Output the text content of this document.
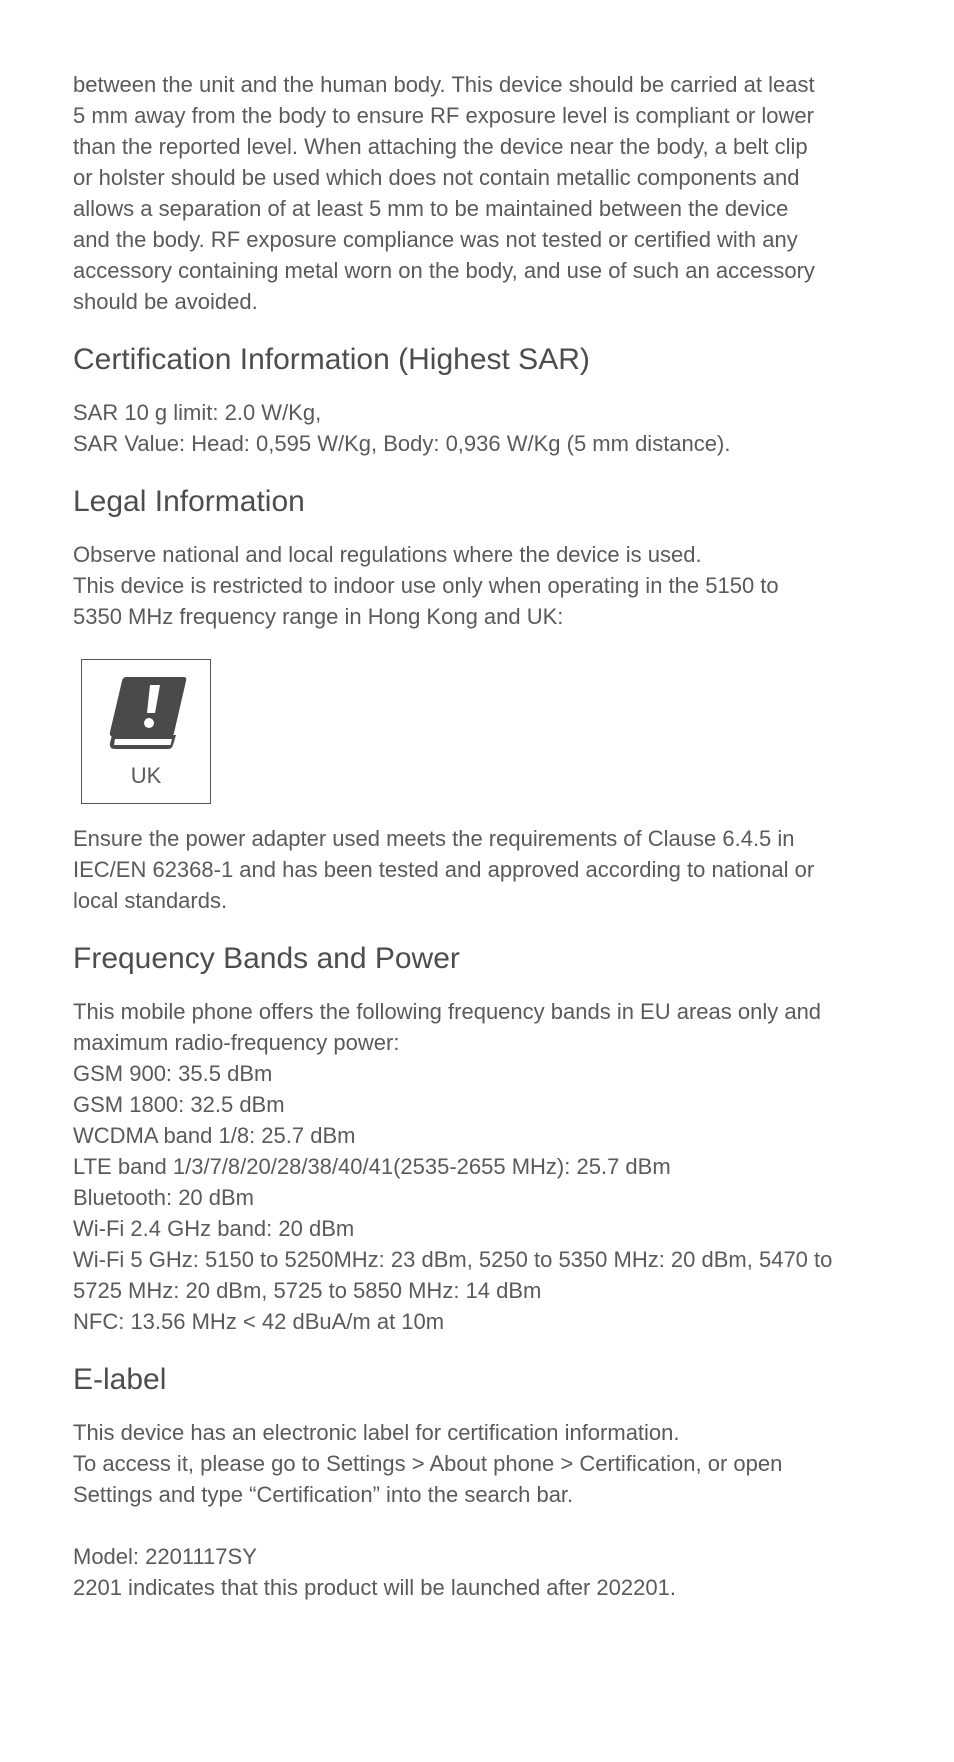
between the unit and the human body. This device should be carried at least
5 mm away from the body to ensure RF exposure level is compliant or lower
than the reported level. When attaching the device near the body, a belt clip
or holster should be used which does not contain metallic components and
allows a separation of at least 5 mm to be maintained between the device
and the body. RF exposure compliance was not tested or certified with any
accessory containing metal worn on the body, and use of such an accessory
should be avoided.
Certification Information (Highest SAR)
SAR 10 g limit: 2.0 W/Kg,
SAR Value: Head: 0,595 W/Kg, Body: 0,936 W/Kg (5 mm distance).
Legal Information
Observe national and local regulations where the device is used.
This device is restricted to indoor use only when operating in the 5150 to
5350 MHz frequency range in Hong Kong and UK:
UK
Ensure the power adapter used meets the requirements of Clause 6.4.5 in
IEC/EN 62368-1 and has been tested and approved according to national or
local standards.
Frequency Bands and Power
This mobile phone offers the following frequency bands in EU areas only and
maximum radio-frequency power:
GSM 900: 35.5 dBm
GSM 1800: 32.5 dBm
WCDMA band 1/8: 25.7 dBm
LTE band 1/3/7/8/20/28/38/40/41(2535-2655 MHz): 25.7 dBm
Bluetooth: 20 dBm
Wi-Fi 2.4 GHz band: 20 dBm
Wi-Fi 5 GHz: 5150 to 5250MHz: 23 dBm, 5250 to 5350 MHz: 20 dBm, 5470 to
5725 MHz: 20 dBm, 5725 to 5850 MHz: 14 dBm
NFC: 13.56 MHz < 42 dBuA/m at 10m
E-label
This device has an electronic label for certification information.
To access it, please go to Settings > About phone > Certification, or open
Settings and type “Certification” into the search bar.
Model: 2201117SY
2201 indicates that this product will be launched after 202201.
